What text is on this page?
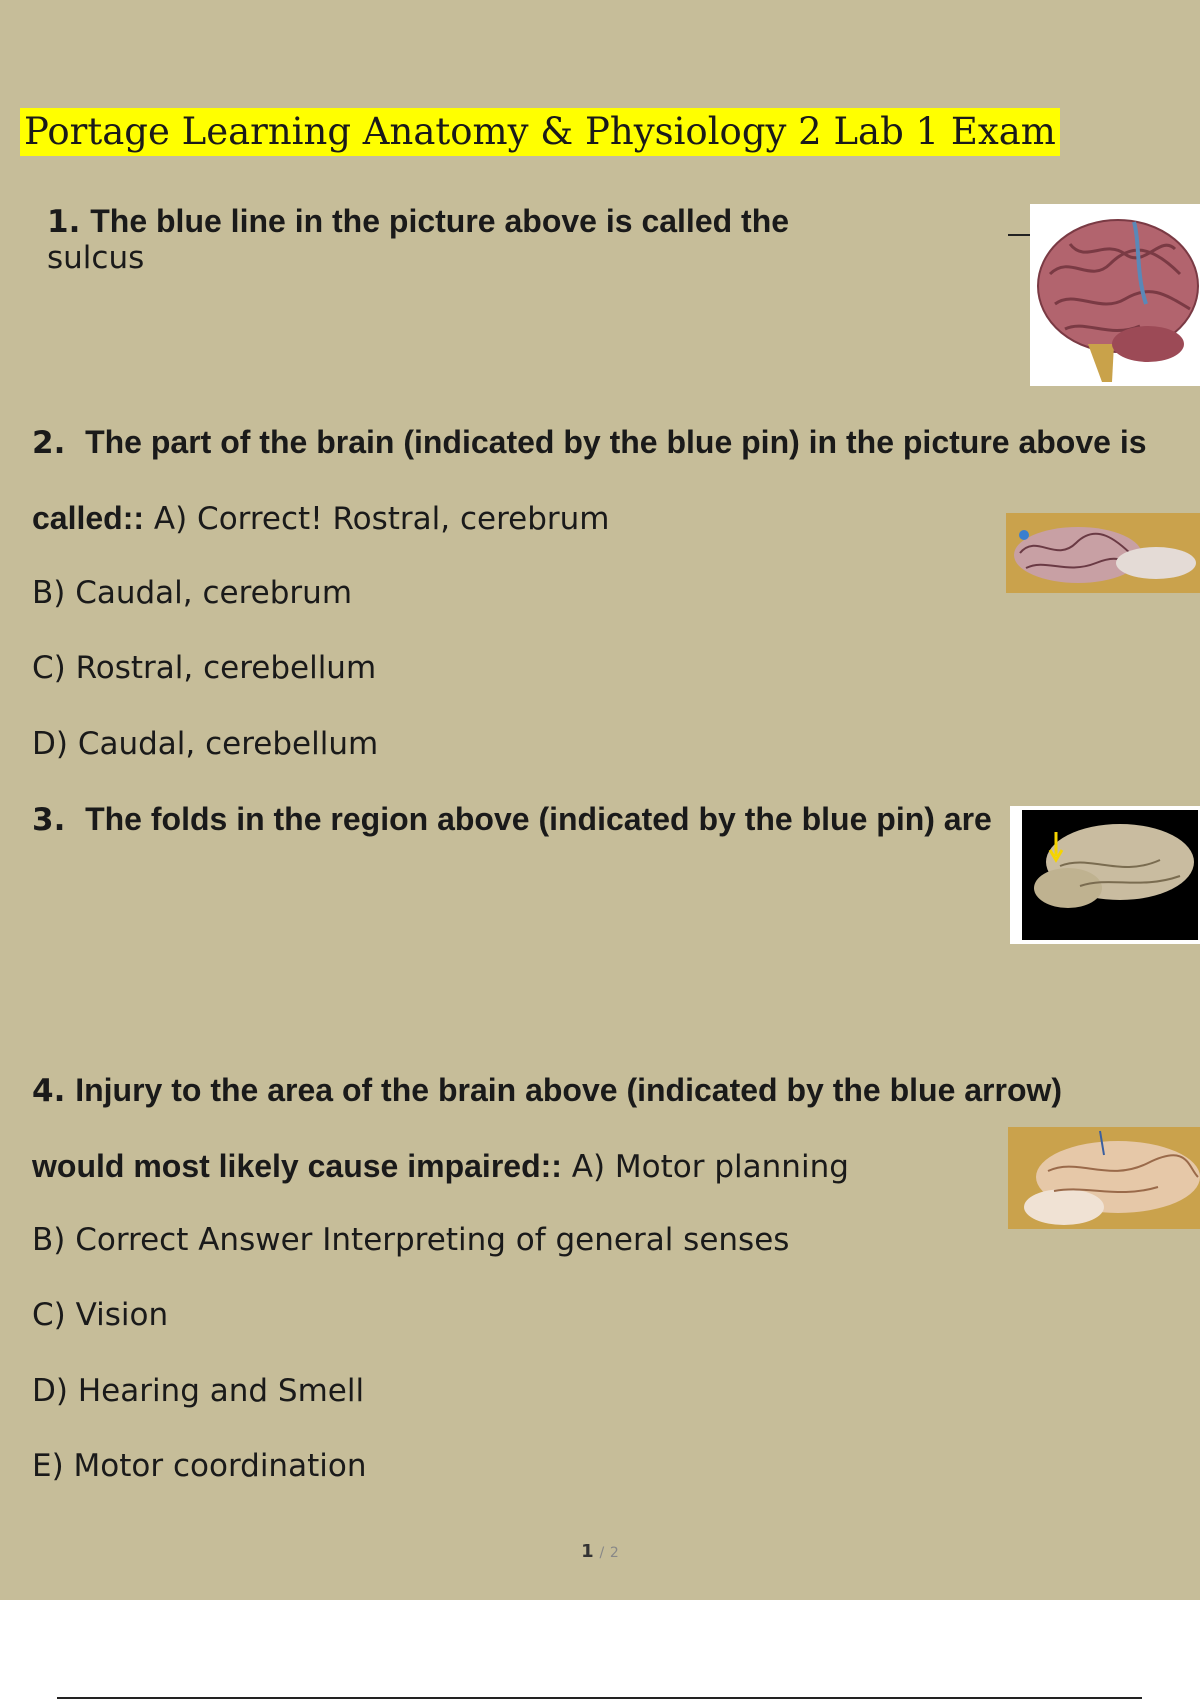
Portage Learning Anatomy & Physiology 2 Lab 1 Exam
1. The blue line in the picture above is called the
sulcus
2. The part of the brain (indicated by the blue pin) in the picture above is
called:: A) Correct! Rostral, cerebrum
B) Caudal, cerebrum
C) Rostral, cerebellum
D) Caudal, cerebellum
3. The folds in the region above (indicated by the blue pin) are
4. Injury to the area of the brain above (indicated by the blue arrow)
would most likely cause impaired:: A) Motor planning
B) Correct Answer Interpreting of general senses
C) Vision
D) Hearing and Smell
E) Motor coordination
1 / 2
